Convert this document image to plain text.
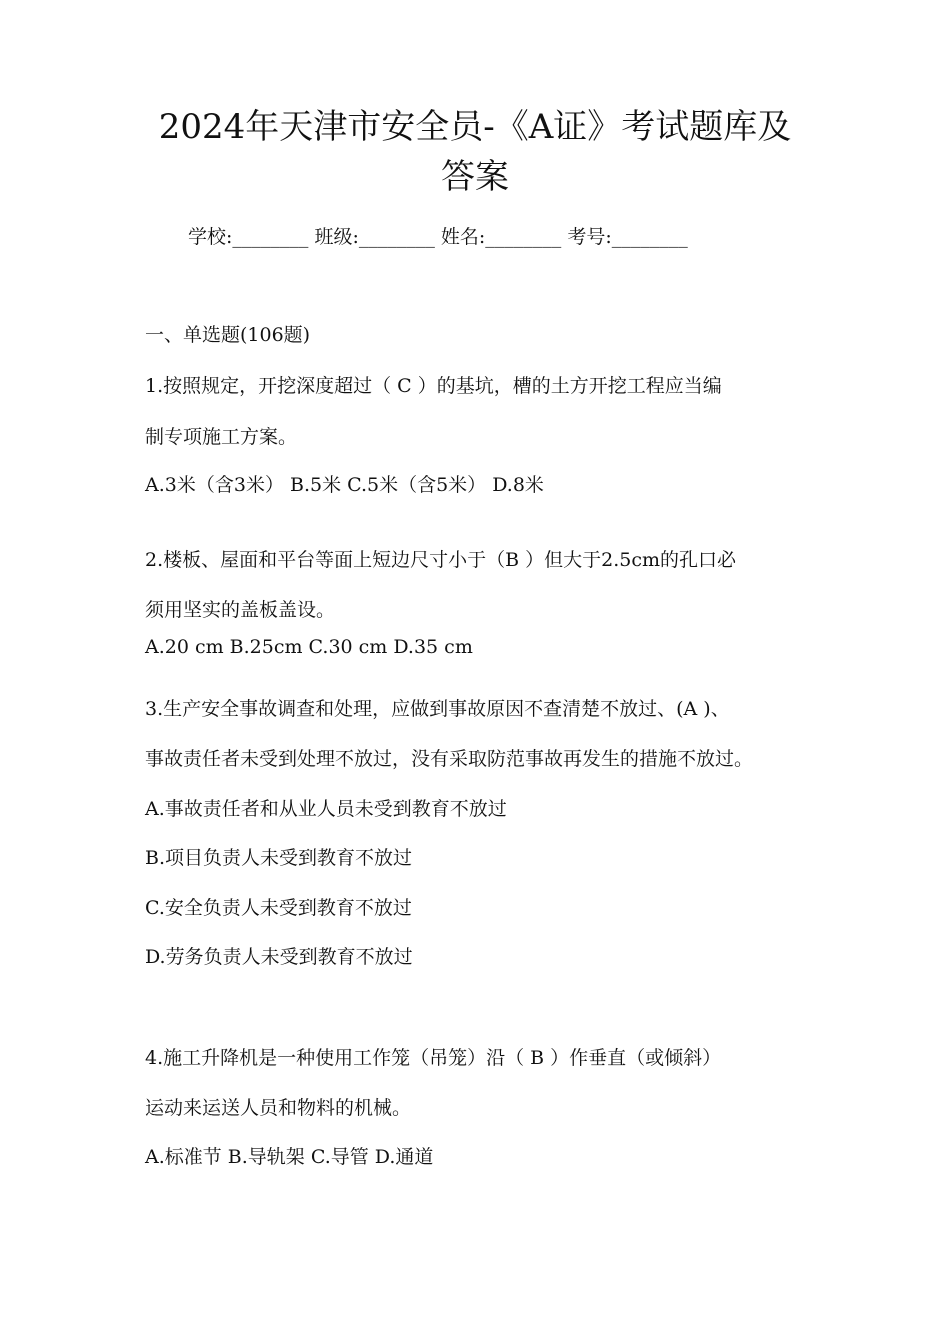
2024年天津市安全员-《A证》考试题库及
答案
学校:________ 班级:________ 姓名:________ 考号:________
一、单选题(106题)
1.按照规定，开挖深度超过（ C ）的基坑，槽的土方开挖工程应当编
制专项施工方案。
A.3米（含3米） B.5米 C.5米（含5米） D.8米
2.楼板、屋面和平台等面上短边尺寸小于（B ）但大于2.5cm的孔口必
须用坚实的盖板盖设。
A.20 cm B.25cm C.30 cm D.35 cm
3.生产安全事故调查和处理，应做到事故原因不查清楚不放过、(A )、
事故责任者未受到处理不放过，没有采取防范事故再发生的措施不放过。
A.事故责任者和从业人员未受到教育不放过
B.项目负责人未受到教育不放过
C.安全负责人未受到教育不放过
D.劳务负责人未受到教育不放过
4.施工升降机是一种使用工作笼（吊笼）沿（ B ）作垂直（或倾斜）
运动来运送人员和物料的机械。
A.标准节 B.导轨架 C.导管 D.通道
